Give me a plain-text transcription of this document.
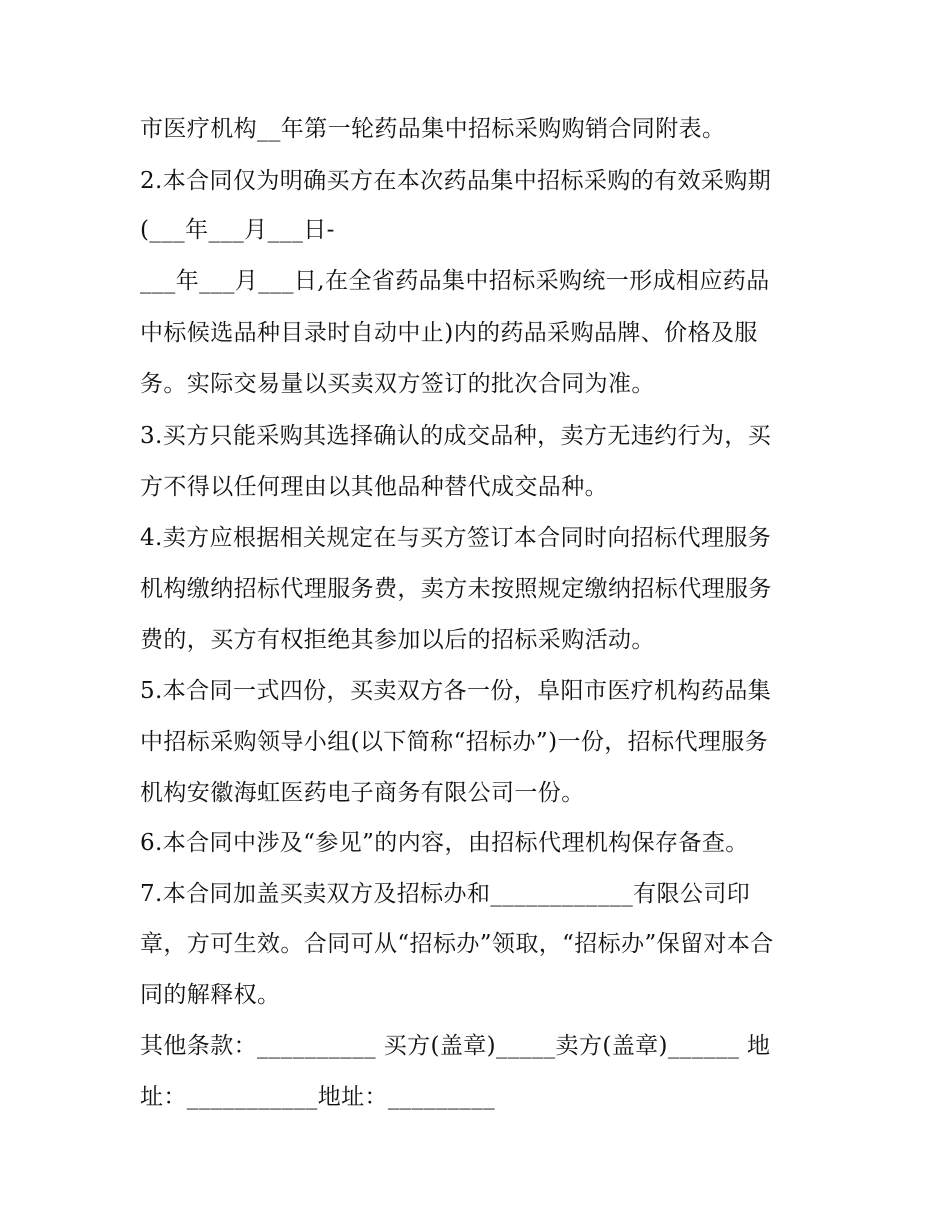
市医疗机构__年第一轮药品集中招标采购购销合同附表。
2.本合同仅为明确买方在本次药品集中招标采购的有效采购期
(___年___月___日-
___年___月___日,在全省药品集中招标采购统一形成相应药品
中标候选品种目录时自动中止)内的药品采购品牌、价格及服
务。实际交易量以买卖双方签订的批次合同为准。
3.买方只能采购其选择确认的成交品种，卖方无违约行为，买
方不得以任何理由以其他品种替代成交品种。
4.卖方应根据相关规定在与买方签订本合同时向招标代理服务
机构缴纳招标代理服务费，卖方未按照规定缴纳招标代理服务
费的，买方有权拒绝其参加以后的招标采购活动。
5.本合同一式四份，买卖双方各一份，阜阳市医疗机构药品集
中招标采购领导小组(以下简称“招标办”)一份，招标代理服务
机构安徽海虹医药电子商务有限公司一份。
6.本合同中涉及“参见”的内容，由招标代理机构保存备查。
7.本合同加盖买卖双方及招标办和____________有限公司印
章，方可生效。合同可从“招标办”领取，“招标办”保留对本合
同的解释权。
其他条款：__________ 买方(盖章)_____卖方(盖章)______ 地
址：___________地址：_________
